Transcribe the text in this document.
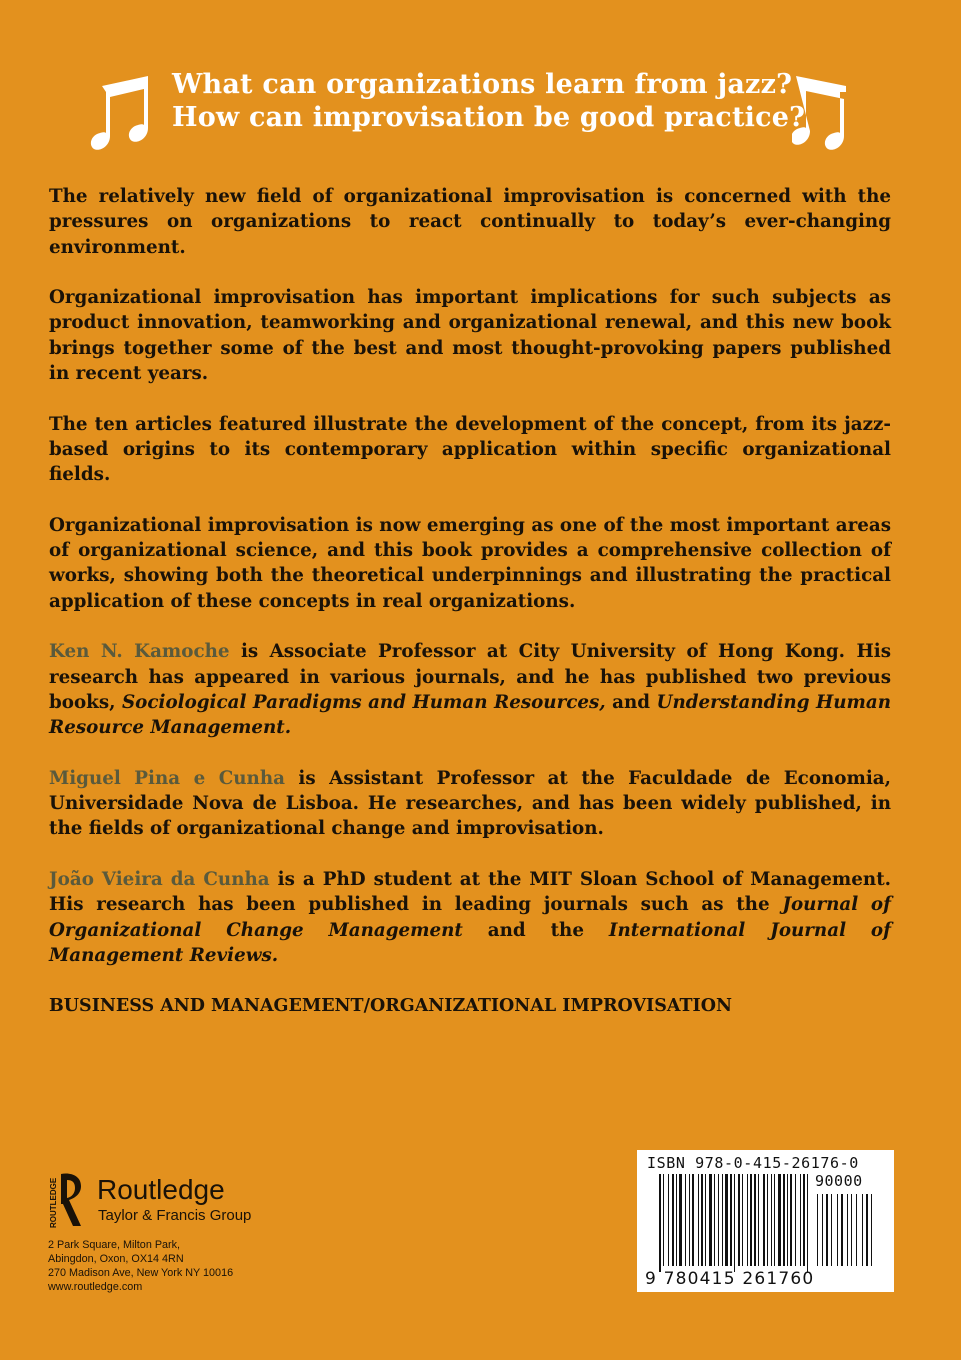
What can organizations learn from jazz?
How can improvisation be good practice?

The relatively new field of organizational improvisation is concerned with the pressures on organizations to react continually to today’s ever-changing environment.

Organizational improvisation has important implications for such subjects as product innovation, teamworking and organizational renewal, and this new book brings together some of the best and most thought-provoking papers published in recent years.

The ten articles featured illustrate the development of the concept, from its jazz-based origins to its contemporary application within specific organizational fields.

Organizational improvisation is now emerging as one of the most important areas of organizational science, and this book provides a comprehensive collection of works, showing both the theoretical underpinnings and illustrating the practical application of these concepts in real organizations.

Ken N. Kamoche is Associate Professor at City University of Hong Kong. His research has appeared in various journals, and he has published two previous books, Sociological Paradigms and Human Resources, and Understanding Human Resource Management.

Miguel Pina e Cunha is Assistant Professor at the Faculdade de Economia, Universidade Nova de Lisboa. He researches, and has been widely published, in the fields of organizational change and improvisation.

João Vieira da Cunha is a PhD student at the MIT Sloan School of Management. His research has been published in leading journals such as the Journal of Organizational Change Management and the International Journal of Management Reviews.

BUSINESS AND MANAGEMENT/ORGANIZATIONAL IMPROVISATION
ROUTLEDGE Routledge
Taylor & Francis Group
2 Park Square, Milton Park,
Abingdon, Oxon, OX14 4RN
270 Madison Ave, New York NY 10016
www.routledge.com
ISBN 978-0-415-26176-0
90000
9 780415 261760
